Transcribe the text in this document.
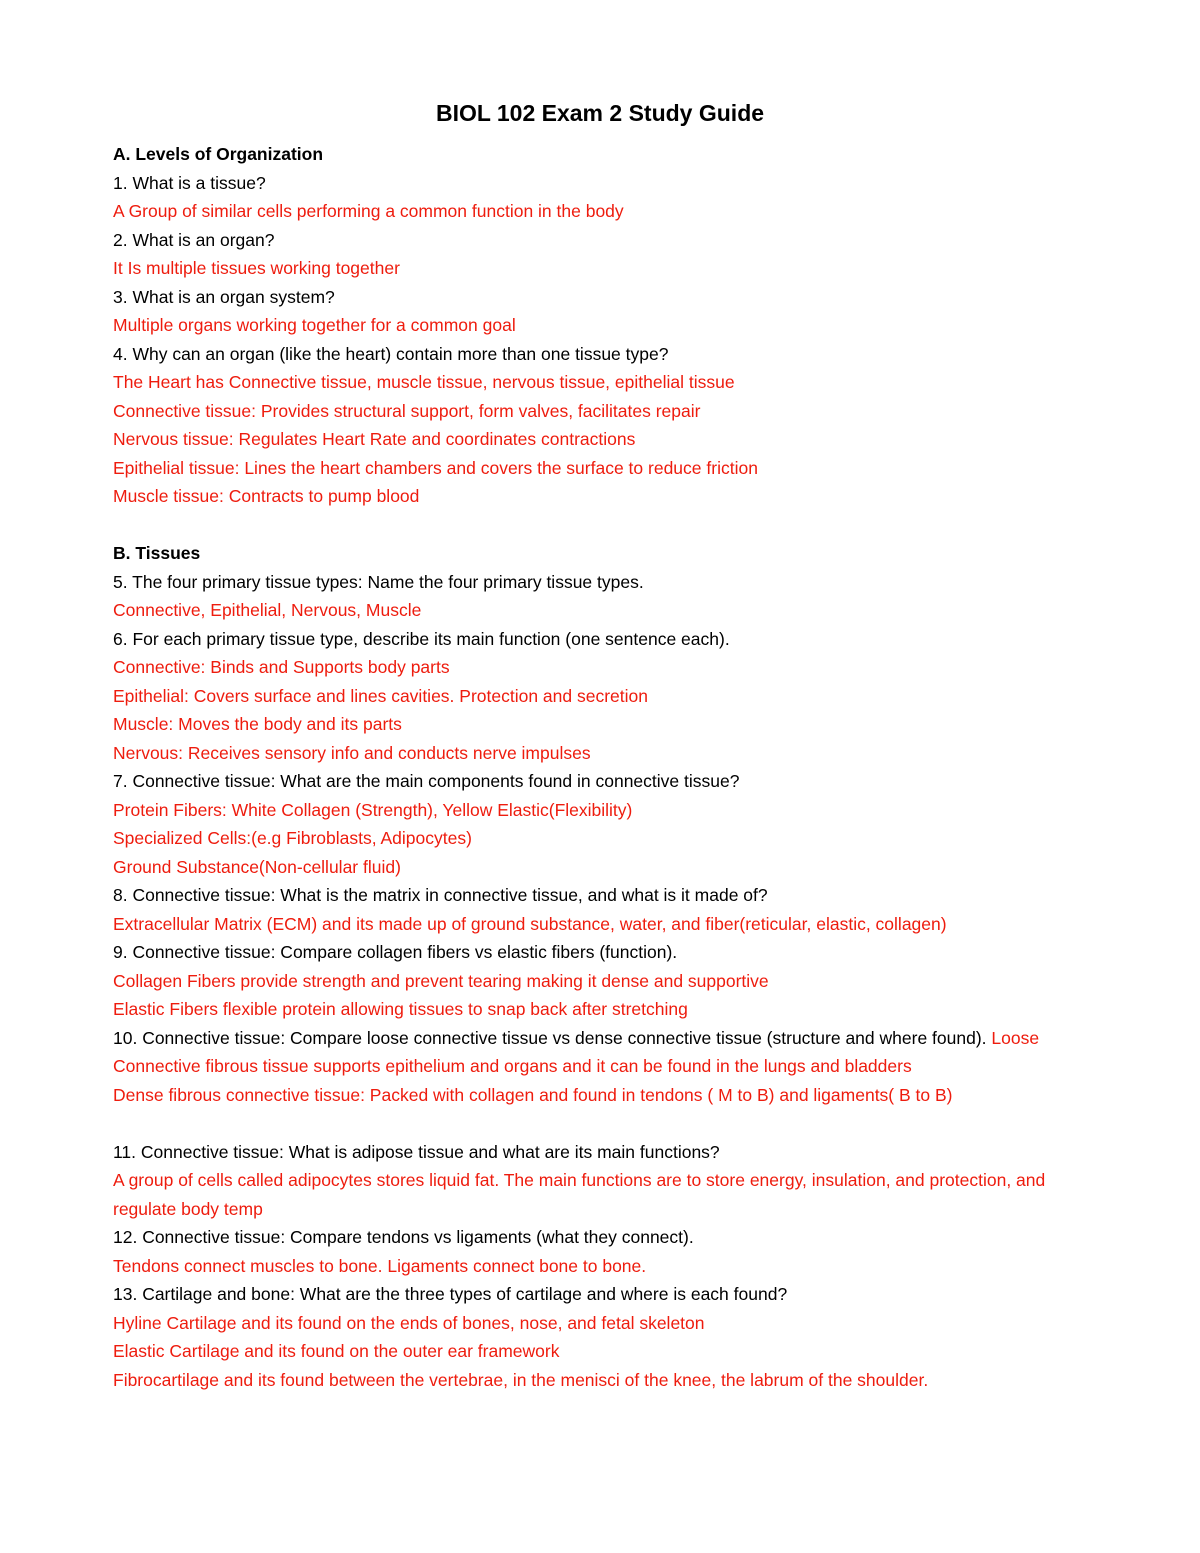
BIOL 102 Exam 2 Study Guide

A. Levels of Organization

1. What is a tissue?

A Group of similar cells performing a common function in the body

2. What is an organ?

It Is multiple tissues working together

3. What is an organ system?

Multiple organs working together for a common goal

4. Why can an organ (like the heart) contain more than one tissue type?

The Heart has Connective tissue, muscle tissue, nervous tissue, epithelial tissue

Connective tissue: Provides structural support, form valves, facilitates repair

Nervous tissue: Regulates Heart Rate and coordinates contractions

Epithelial tissue: Lines the heart chambers and covers the surface to reduce friction

Muscle tissue: Contracts to pump blood

B. Tissues

5. The four primary tissue types: Name the four primary tissue types.

Connective, Epithelial, Nervous, Muscle

6. For each primary tissue type, describe its main function (one sentence each).

Connective: Binds and Supports body parts

Epithelial: Covers surface and lines cavities. Protection and secretion

Muscle: Moves the body and its parts

Nervous: Receives sensory info and conducts nerve impulses

7. Connective tissue: What are the main components found in connective tissue?

Protein Fibers: White Collagen (Strength), Yellow Elastic(Flexibility)

Specialized Cells:(e.g Fibroblasts, Adipocytes)

Ground Substance(Non-cellular fluid)

8. Connective tissue: What is the matrix in connective tissue, and what is it made of?

Extracellular Matrix (ECM) and its made up of ground substance, water, and fiber(reticular, elastic, collagen)

9. Connective tissue: Compare collagen fibers vs elastic fibers (function).

Collagen Fibers provide strength and prevent tearing making it dense and supportive

Elastic Fibers flexible protein allowing tissues to snap back after stretching

10. Connective tissue: Compare loose connective tissue vs dense connective tissue (structure and where found). Loose Connective fibrous tissue supports epithelium and organs and it can be found in the lungs and bladders

Dense fibrous connective tissue: Packed with collagen and found in tendons ( M to B) and ligaments( B to B)

11. Connective tissue: What is adipose tissue and what are its main functions?

A group of cells called adipocytes stores liquid fat. The main functions are to store energy, insulation, and protection, and regulate body temp

12. Connective tissue: Compare tendons vs ligaments (what they connect).

Tendons connect muscles to bone. Ligaments connect bone to bone.

13. Cartilage and bone: What are the three types of cartilage and where is each found?

Hyline Cartilage and its found on the ends of bones, nose, and fetal skeleton

Elastic Cartilage and its found on the outer ear framework

Fibrocartilage and its found between the vertebrae, in the menisci of the knee, the labrum of the shoulder.
